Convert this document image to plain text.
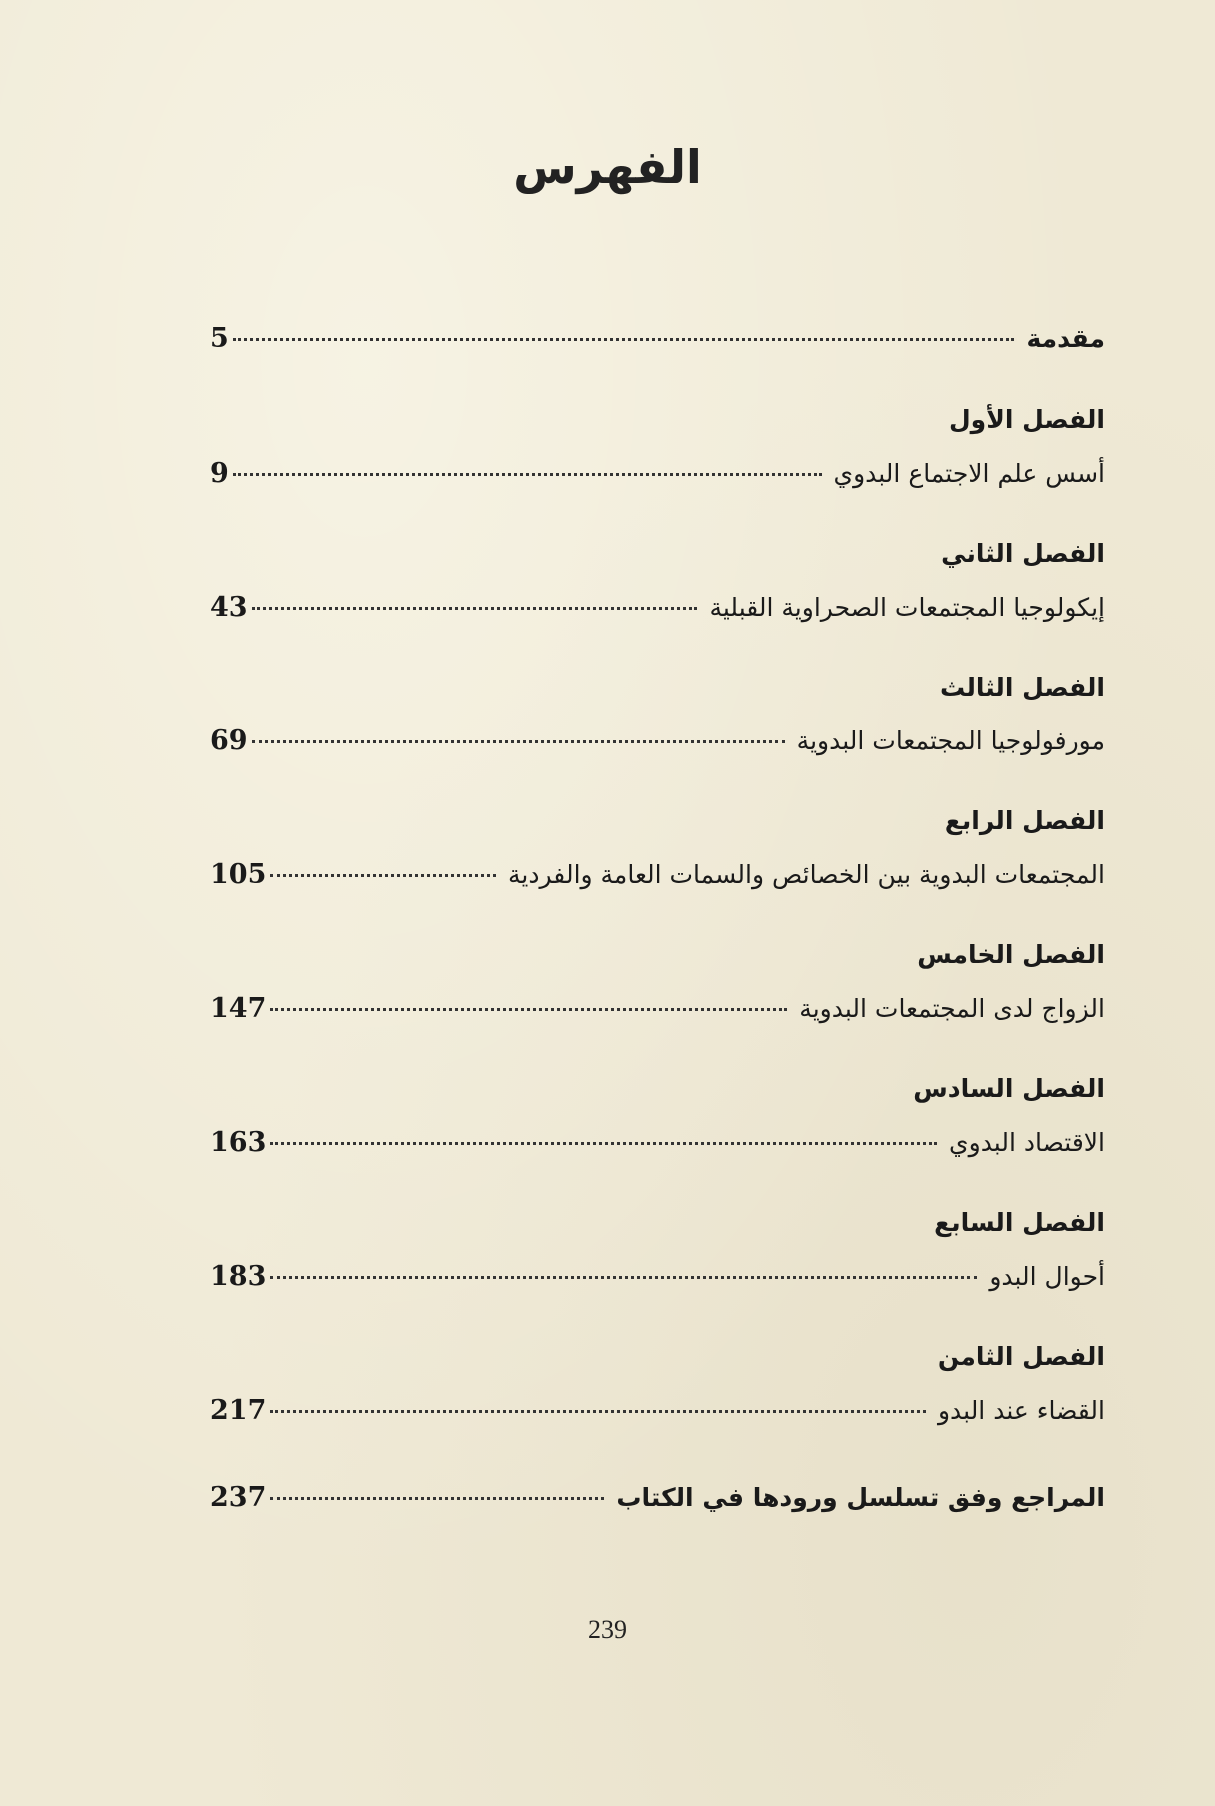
الفهرس
مقدمة
5
الفصل الأول
أسس علم الاجتماع البدوي
9
الفصل الثاني
إيكولوجيا المجتمعات الصحراوية القبلية
43
الفصل الثالث
مورفولوجيا المجتمعات البدوية
69
الفصل الرابع
المجتمعات البدوية بين الخصائص والسمات العامة والفردية
105
الفصل الخامس
الزواج لدى المجتمعات البدوية
147
الفصل السادس
الاقتصاد البدوي
163
الفصل السابع
أحوال البدو
183
الفصل الثامن
القضاء عند البدو
217
المراجع وفق تسلسل ورودها في الكتاب
237
239
